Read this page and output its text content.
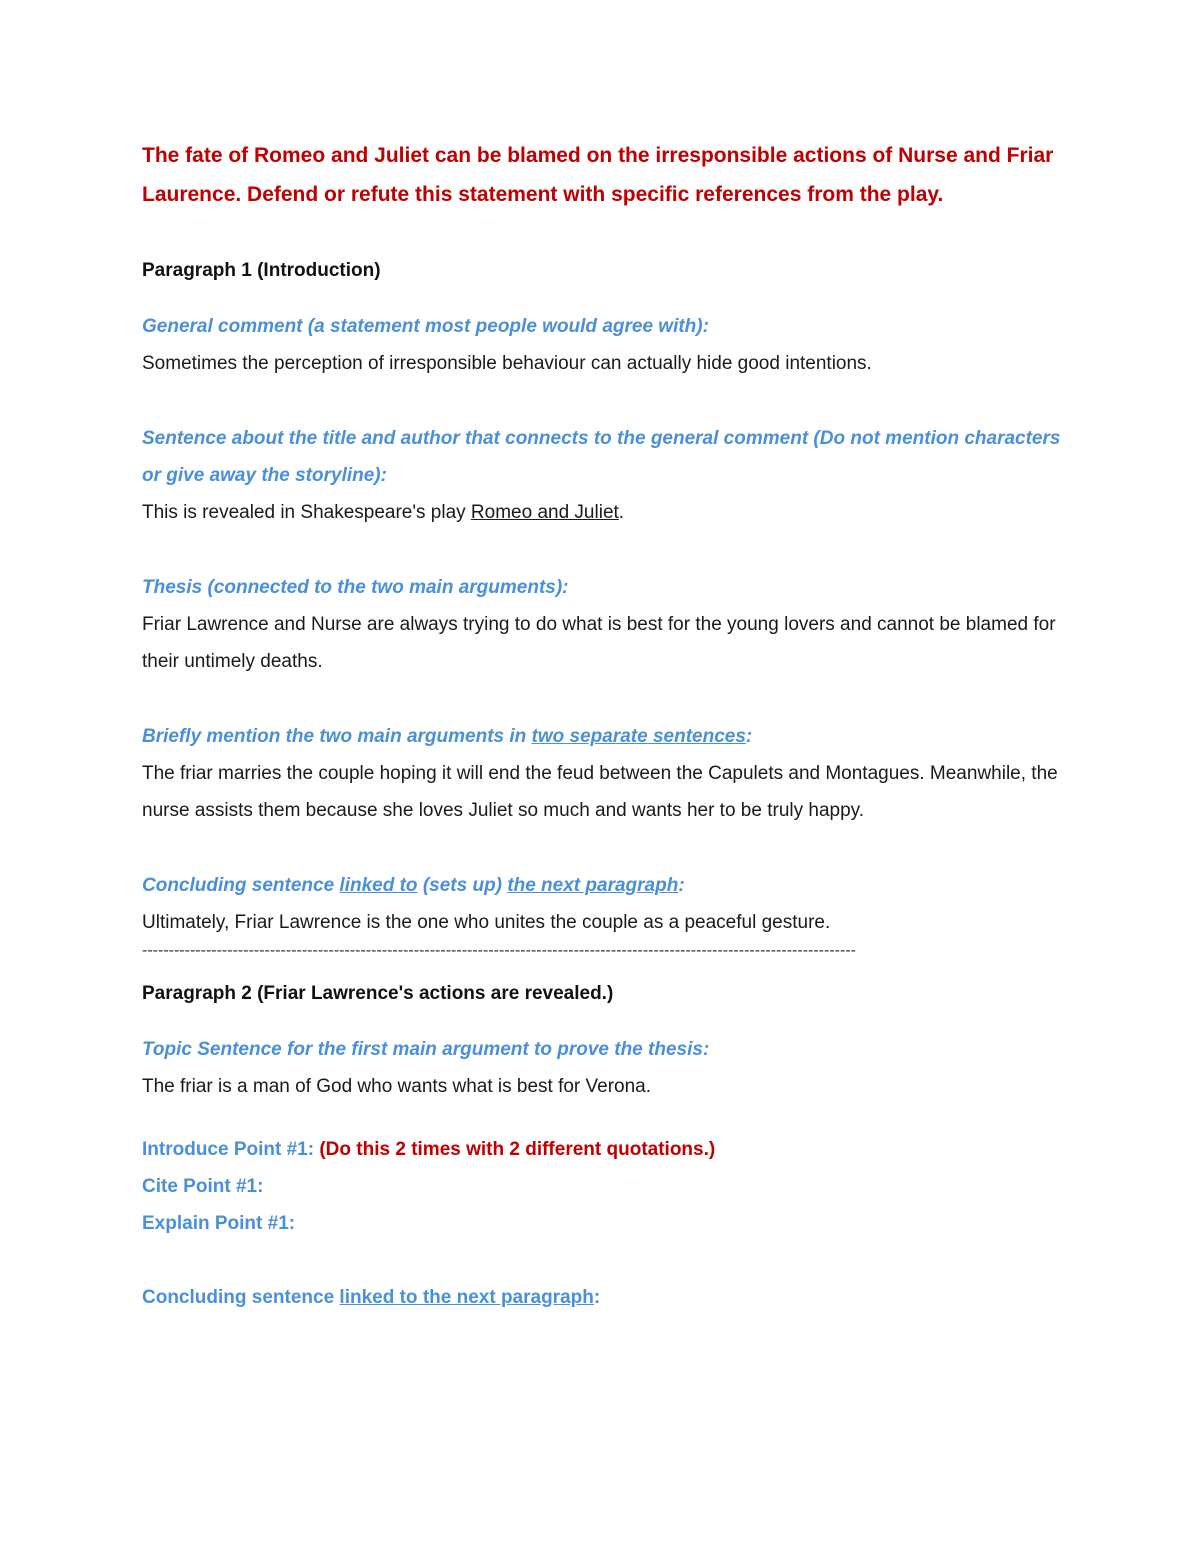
The fate of Romeo and Juliet can be blamed on the irresponsible actions of Nurse and Friar Laurence. Defend or refute this statement with specific references from the play.

Paragraph 1 (Introduction)

General comment (a statement most people would agree with):

Sometimes the perception of irresponsible behaviour can actually hide good intentions.

Sentence about the title and author that connects to the general comment (Do not mention characters or give away the storyline):

This is revealed in Shakespeare's play Romeo and Juliet.

Thesis (connected to the two main arguments):

Friar Lawrence and Nurse are always trying to do what is best for the young lovers and cannot be blamed for their untimely deaths.

Briefly mention the two main arguments in two separate sentences:

The friar marries the couple hoping it will end the feud between the Capulets and Montagues. Meanwhile, the nurse assists them because she loves Juliet so much and wants her to be truly happy.

Concluding sentence linked to (sets up) the next paragraph:

Ultimately, Friar Lawrence is the one who unites the couple as a peaceful gesture.

--------------------------------------------------------------------------------------------------------------------------------------

Paragraph 2 (Friar Lawrence's actions are revealed.)

Topic Sentence for the first main argument to prove the thesis:

The friar is a man of God who wants what is best for Verona.

Introduce Point #1: (Do this 2 times with 2 different quotations.)

Cite Point #1:

Explain Point #1:

Concluding sentence linked to the next paragraph:
